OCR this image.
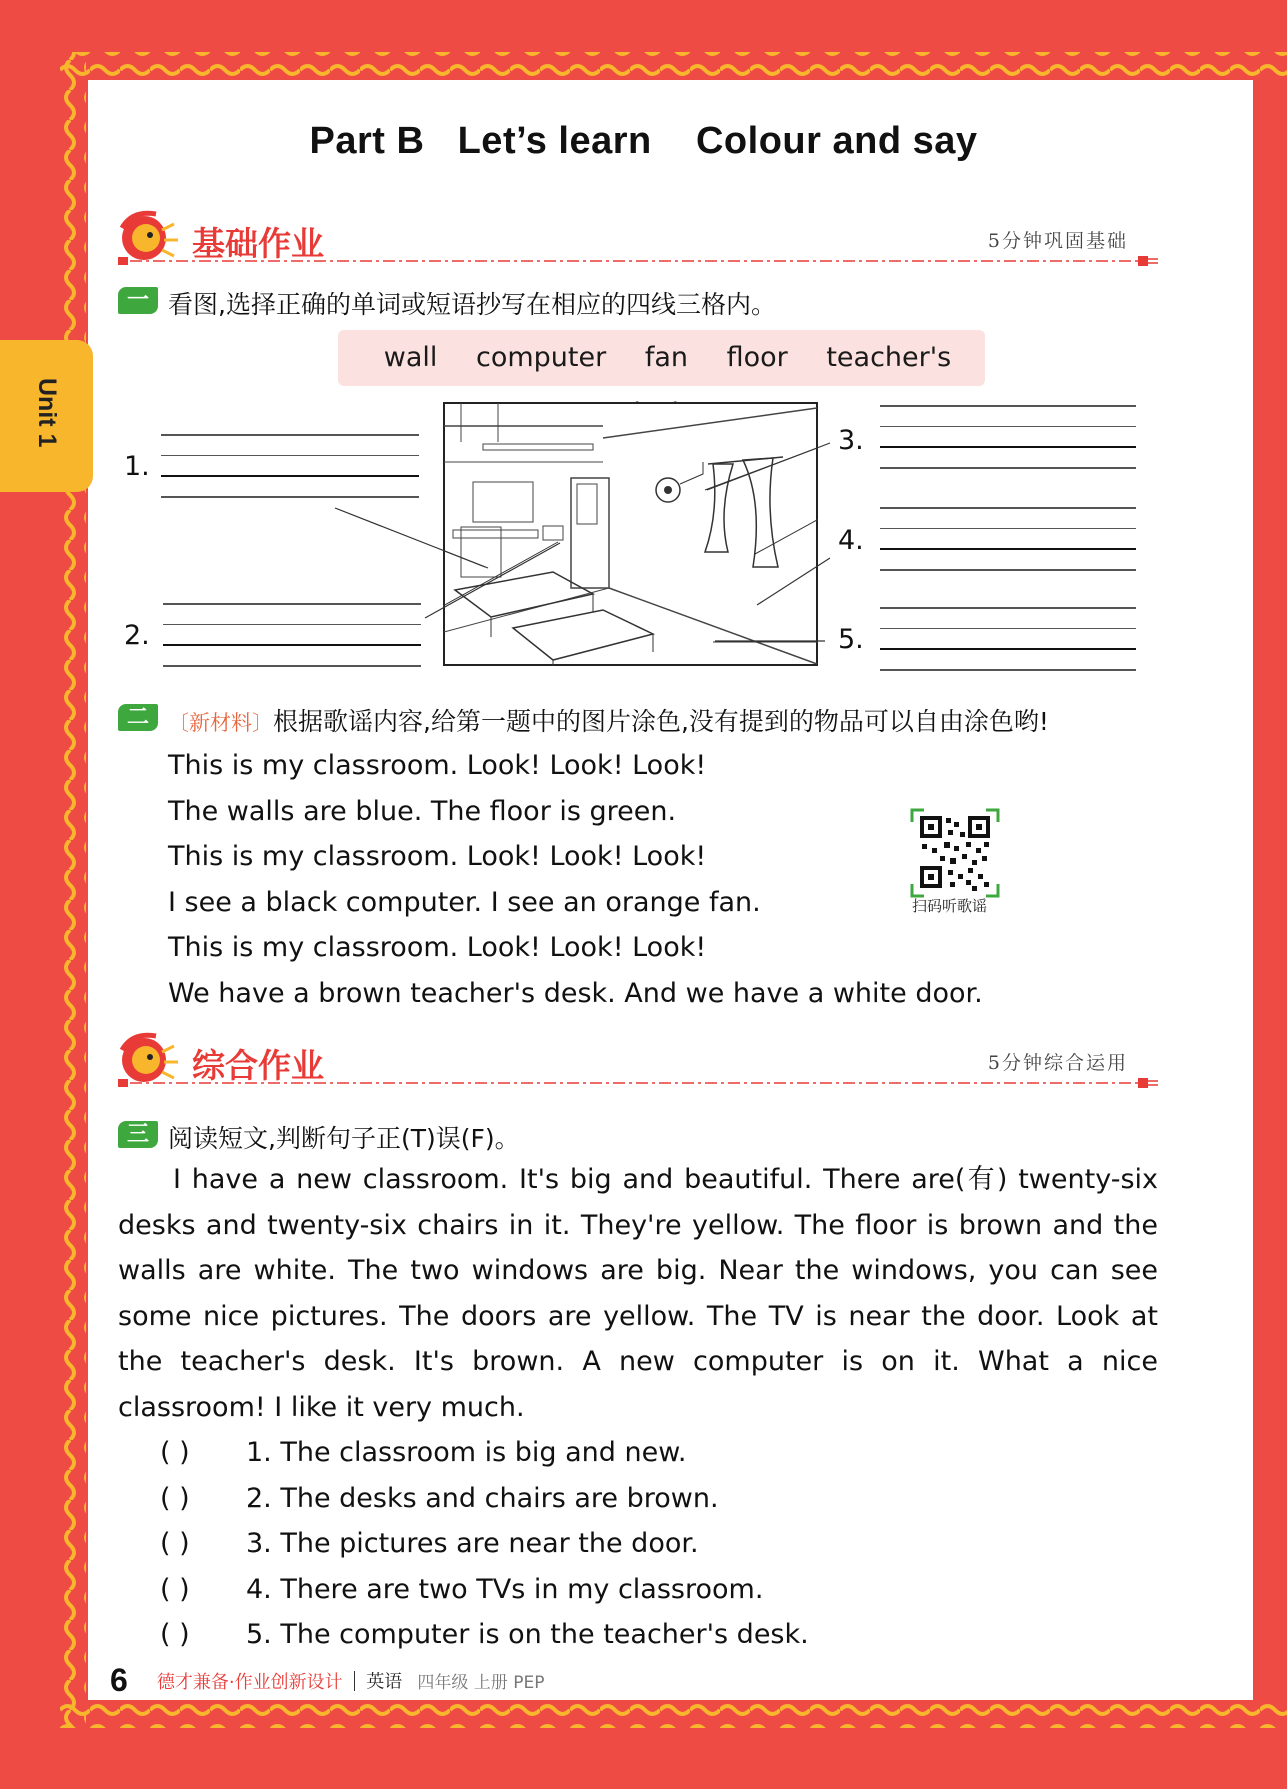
Unit 1
Part B   Let’s learn    Colour and say
基础作业	5分钟巩固基础
一 看图,选择正确的单词或短语抄写在相应的四线三格内。
wall computer fan floor teacher's
1.
2.
3.
4.
5.
二 〔新材料〕根据歌谣内容,给第一题中的图片涂色,没有提到的物品可以自由涂色哟!

This is my classroom. Look! Look! Look!

The walls are blue. The floor is green.

This is my classroom. Look! Look! Look!

I see a black computer. I see an orange fan.

This is my classroom. Look! Look! Look!

We have a brown teacher's desk. And we have a white door.

扫码听歌谣
综合作业	5分钟综合运用
三 阅读短文,判断句子正(T)误(F)。

I have a new classroom. It's big and beautiful. There are(有) twenty-six desks and twenty-six chairs in it. They're yellow. The floor is brown and the walls are white. The two windows are big. Near the windows, you can see some nice pictures. The doors are yellow. The TV is near the door. Look at the teacher's desk. It's brown. A new computer is on it. What a nice classroom! I like it very much.

( ) 1. The classroom is big and new.
( ) 2. The desks and chairs are brown.
( ) 3. The pictures are near the door.
( ) 4. There are two TVs in my classroom.
( ) 5. The computer is on the teacher's desk.
6 德才兼备·作业创新设计 英语 四年级 上册 PEP
